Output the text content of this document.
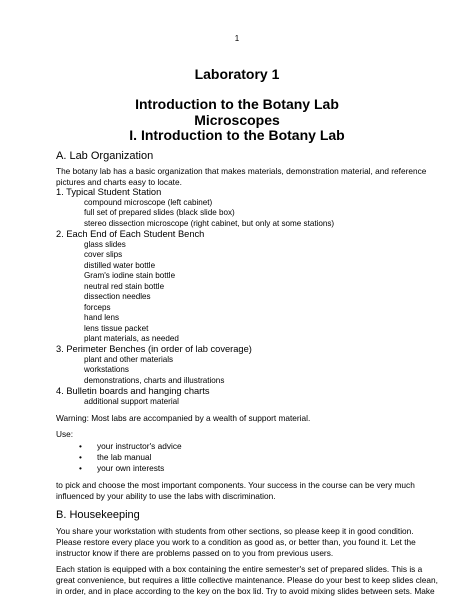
1
Laboratory 1
Introduction to the Botany Lab
Microscopes
I. Introduction to the Botany Lab
A. Lab Organization
The botany lab has a basic organization that makes materials, demonstration material, and reference
pictures and charts easy to locate.
1. Typical Student Station
compound microscope (left cabinet)
full set of prepared slides (black slide box)
stereo dissection microscope (right cabinet, but only at some stations)
2. Each End of Each Student Bench
glass slides
cover slips
distilled water bottle
Gram's iodine stain bottle
neutral red stain bottle
dissection needles
forceps
hand lens
lens tissue packet
plant materials, as needed
3. Perimeter Benches (in order of lab coverage)
plant and other materials
workstations
demonstrations, charts and illustrations
4. Bulletin boards and hanging charts
additional support material
Warning: Most labs are accompanied by a wealth of support material.
Use:
• your instructor's advice
• the lab manual
• your own interests
to pick and choose the most important components. Your success in the course can be very much
influenced by your ability to use the labs with discrimination.
B. Housekeeping
You share your workstation with students from other sections, so please keep it in good condition.
Please restore every place you work to a condition as good as, or better than, you found it. Let the
instructor know if there are problems passed on to you from previous users.
Each station is equipped with a box containing the entire semester's set of prepared slides. This is a
great convenience, but requires a little collective maintenance. Please do your best to keep slides clean,
in order, and in place according to the key on the box lid. Try to avoid mixing slides between sets. Make
